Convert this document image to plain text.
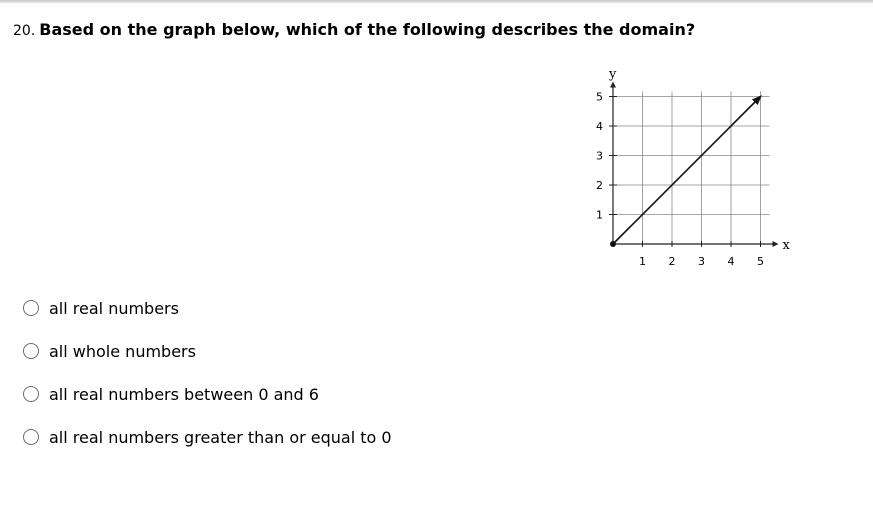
20. Based on the graph below, which of the following describes the domain?
x
y
1 2 3 4 5
1
2
3
4
5
all real numbers
all whole numbers
all real numbers between 0 and 6
all real numbers greater than or equal to 0
